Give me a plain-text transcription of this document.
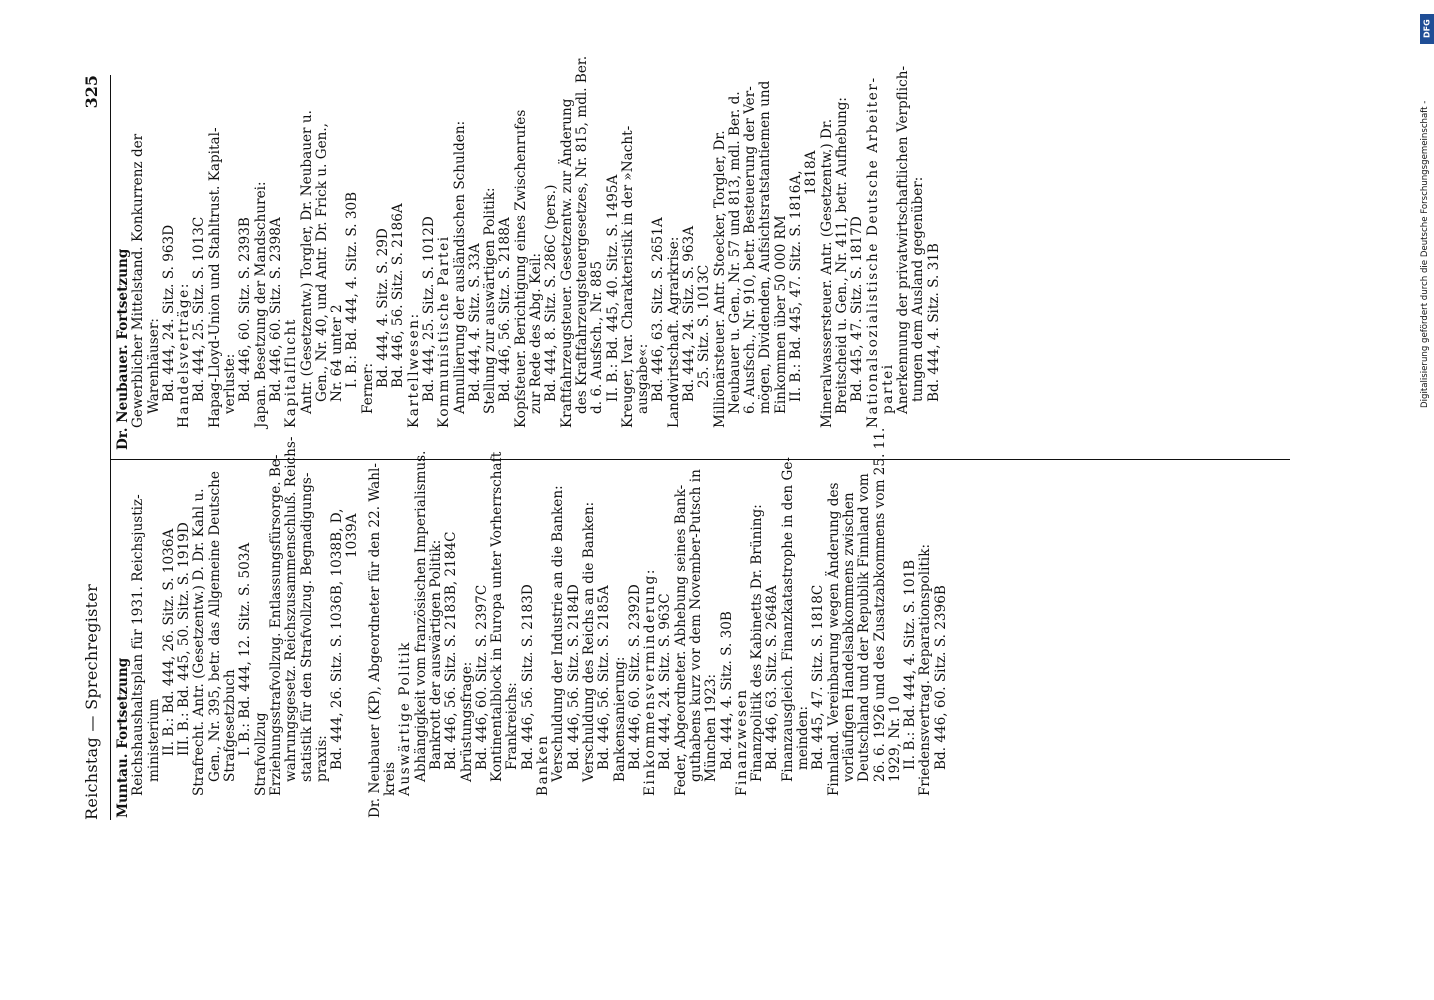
Reichstag — Sprechregister
325
Muntau. Fortsetzung Reichshaushaltsplan für 1931. Reichsjustiz- ministerium II. B.: Bd. 444, 26. Sitz. S. 1036A III. B.: Bd. 445, 50. Sitz. S. 1919D Strafrecht. Antr. (Gesetzentw.) D. Dr. Kahl u. Gen., Nr. 395, betr. das Allgemeine Deutsche Strafgesetzbuch I. B.: Bd. 444, 12. Sitz. S. 503A Strafvollzug Erziehungsstrafvollzug. Entlassungsfürsorge. Be- wahrungsgesetz. Reichszusammenschluß. Reichs- statistik für den Strafvollzug. Begnadigungs- praxis: Bd. 444, 26. Sitz. S. 1036B, 1038B, D, 1039A Dr. Neubauer (KP), Abgeordneter für den 22. Wahl- kreis Auswärtige Politik Abhängigkeit vom französischen Imperialismus. Bankrott der auswärtigen Politik: Bd. 446, 56. Sitz. S. 2183B, 2184C Abrüstungsfrage: Bd. 446, 60. Sitz. S. 2397C Kontinentalblock in Europa unter Vorherrschaft Frankreichs: Bd. 446, 56. Sitz. S. 2183D Banken Verschuldung der Industrie an die Banken: Bd. 446, 56. Sitz. S. 2184D Verschuldung des Reichs an die Banken: Bd. 446, 56. Sitz. S. 2185A Bankensanierung: Bd. 446, 60. Sitz. S. 2392D Einkommensverminderung: Bd. 444, 24. Sitz. S. 963C Feder, Abgeordneter. Abhebung seines Bank- guthabens kurz vor dem November-Putsch in München 1923: Bd. 444, 4. Sitz. S. 30B Finanzwesen Finanzpolitik des Kabinetts Dr. Brüning: Bd. 446, 63. Sitz. S. 2648A Finanzausgleich. Finanzkatastrophe in den Ge- meinden: Bd. 445, 47. Sitz. S. 1818C Finnland. Vereinbarung wegen Änderung des vorläufigen Handelsabkommens zwischen Deutschland und der Republik Finnland vom 26. 6. 1926 und des Zusatzabkommens vom 25. 11. 1929, Nr. 10 II. B.: Bd. 444, 4. Sitz. S. 101B Friedensvertrag. Reparationspolitik: Bd. 446, 60. Sitz. S. 2396B
Dr. Neubauer. Fortsetzung Gewerblicher Mittelstand. Konkurrenz der Warenhäuser: Bd. 444, 24. Sitz. S. 963D Handelsverträge: Bd. 444, 25. Sitz. S. 1013C Hapag-Lloyd-Union und Stahltrust. Kapital- verluste: Bd. 446, 60. Sitz. S. 2393B Japan. Besetzung der Mandschurei: Bd. 446, 60. Sitz. S. 2398A Kapitalflucht Antr. (Gesetzentw.) Torgler, Dr. Neubauer u. Gen., Nr. 40, und Antr. Dr. Frick u. Gen., Nr. 64 unter 2 I. B.: Bd. 444, 4. Sitz. S. 30B
Ferner:
Bd. 444, 4. Sitz. S. 29D Bd. 446, 56. Sitz. S. 2186A Kartellwesen: Bd. 444, 25. Sitz. S. 1012D Kommunistische Partei Annullierung der ausländischen Schulden: Bd. 444, 4. Sitz. S. 33A Stellung zur auswärtigen Politik: Bd. 446, 56. Sitz. S. 2188A Kopfsteuer. Berichtigung eines Zwischenrufes zur Rede des Abg. Keil: Bd. 444, 8. Sitz. S. 286C (pers.) Kraftfahrzeugsteuer. Gesetzentw. zur Änderung des Kraftfahrzeugsteuergesetzes, Nr. 815, mdl. Ber. d. 6. Ausfsch., Nr. 885 II. B.: Bd. 445, 40. Sitz. S. 1495A Kreuger, Ivar. Charakteristik in der »Nacht- ausgabe«: Bd. 446, 63. Sitz. S. 2651A Landwirtschaft. Agrarkrise: Bd. 444, 24. Sitz. S. 963A 25. Sitz. S. 1013C Millionärsteuer. Antr. Stoecker, Torgler, Dr. Neubauer u. Gen., Nr. 57 und 813, mdl. Ber. d. 6. Ausfsch., Nr. 910, betr. Besteuerung der Ver- mögen, Dividenden, Aufsichtsratstantiemen und Einkommen über 50 000 RM II. B.: Bd. 445, 47. Sitz. S. 1816A, 1818A Mineralwassersteuer. Antr. (Gesetzentw.) Dr. Breitscheid u. Gen., Nr. 411, betr. Aufhebung: Bd. 445, 47. Sitz. S. 1817D Nationalsozialistische Deutsche Arbeiter- partei Anerkennung der privatwirtschaftlichen Verpflich- tungen dem Ausland gegenüber: Bd. 444, 4. Sitz. S. 31B
DFG
Digitalisierung gefördert durch die Deutsche Forschungsgemeinschaft -
